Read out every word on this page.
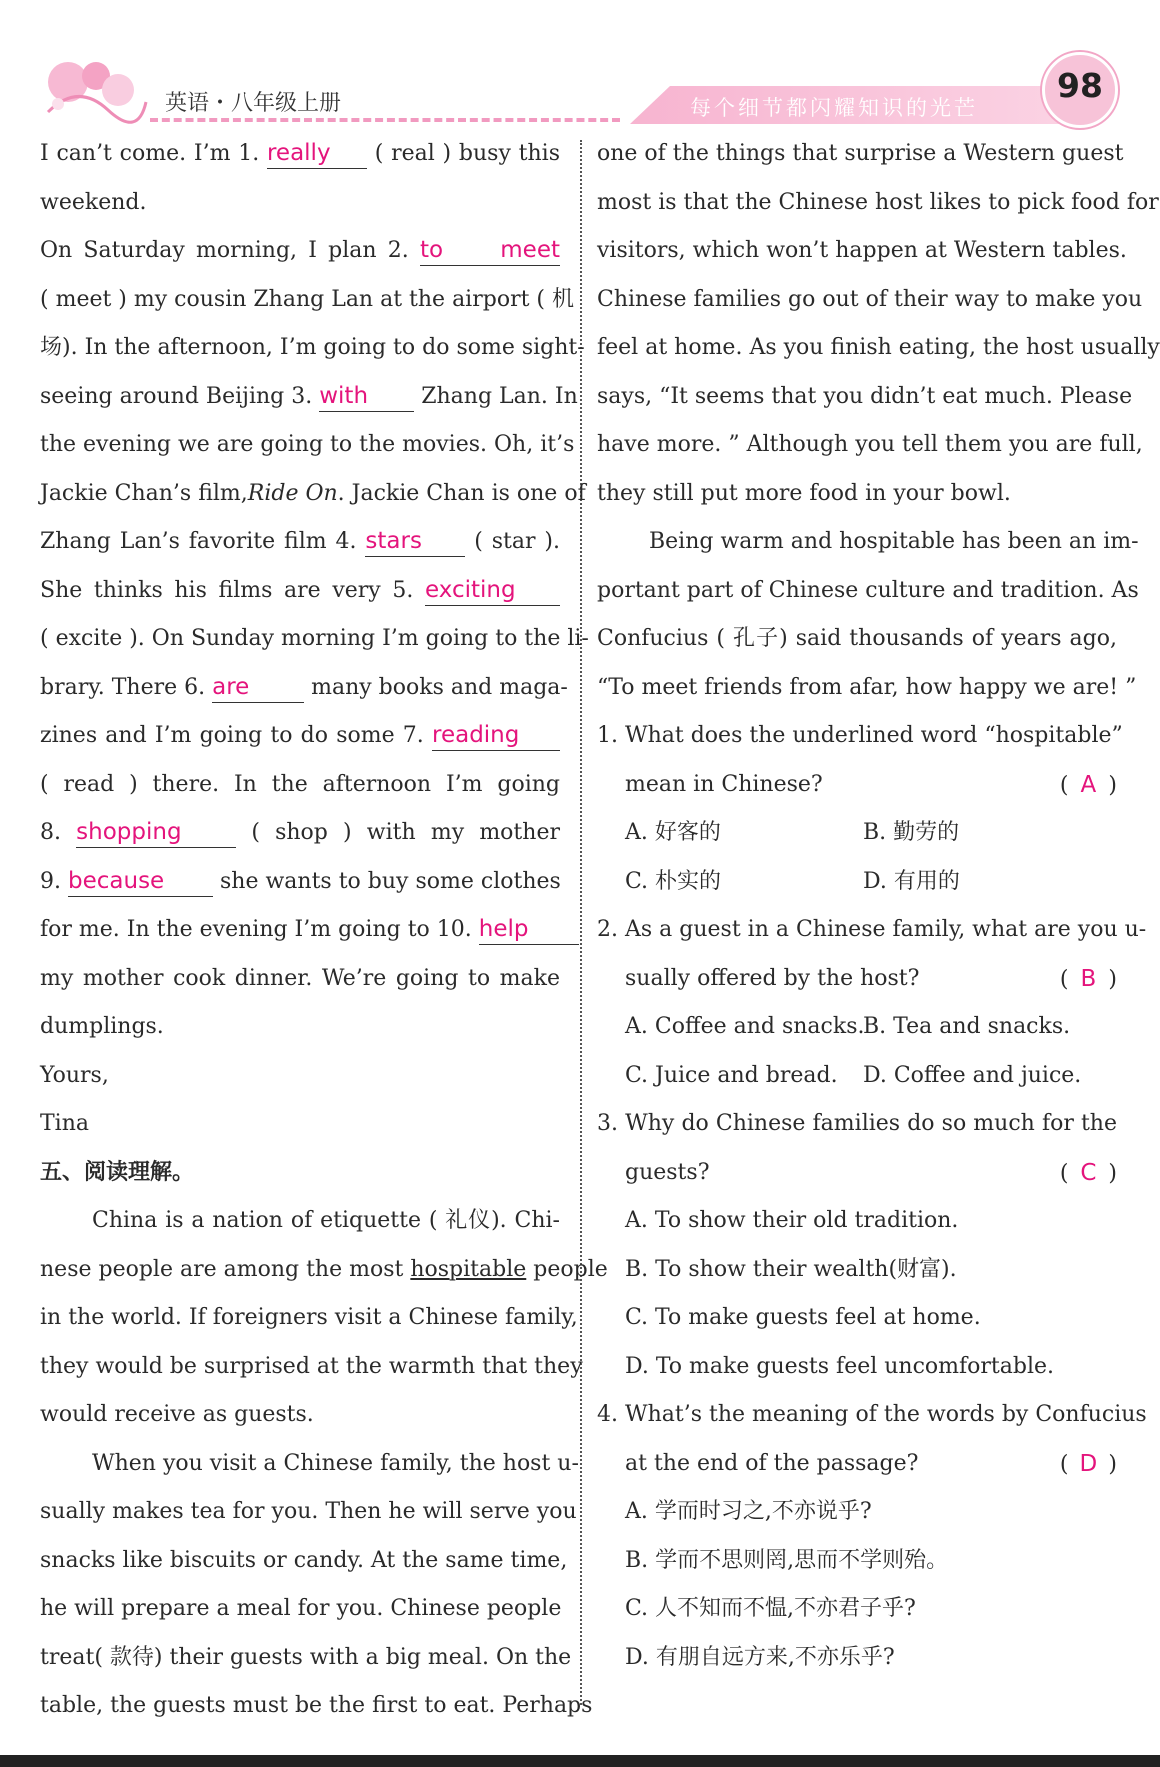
英语・八年级上册	每个细节都闪耀知识的光芒
98
I can’t come. I’m 1. really ( real ) busy this
weekend.
On Saturday morning, I plan 2. to meet
( meet ) my cousin Zhang Lan at the airport ( 机
场). In the afternoon, I’m going to do some sight-
seeing around Beijing 3. with Zhang Lan. In
the evening we are going to the movies. Oh, it’s
Jackie Chan’s film,Ride On. Jackie Chan is one of
Zhang Lan’s favorite film 4. stars ( star ).
She thinks his films are very 5. exciting
( excite ). On Sunday morning I’m going to the li-
brary. There 6. are	many books and maga-
zines and I’m going to do some 7. reading
( read ) there. In the afternoon I’m going
8. shopping	( shop ) with my mother
9. because	she wants to buy some clothes
for me. In the evening I’m going to 10. help
my mother cook dinner. We’re going to make
dumplings.
Yours,
Tina
五、阅读理解。
China is a nation of etiquette ( 礼仪). Chi-
nese people are among the most hospitable people
in the world. If foreigners visit a Chinese family,
they would be surprised at the warmth that they
would receive as guests.
When you visit a Chinese family, the host u-
sually makes tea for you. Then he will serve you
snacks like biscuits or candy. At the same time,
he will prepare a meal for you. Chinese people
treat( 款待) their guests with a big meal. On the
table, the guests must be the first to eat. Perhaps
one of the things that surprise a Western guest
most is that the Chinese host likes to pick food for
visitors, which won’t happen at Western tables.
Chinese families go out of their way to make you
feel at home. As you finish eating, the host usually
says, “It seems that you didn’t eat much. Please
have more. ” Although you tell them you are full,
they still put more food in your bowl.
Being warm and hospitable has been an im-
portant part of Chinese culture and tradition. As
Confucius ( 孔子) said thousands of years ago,
“To meet friends from afar, how happy we are! ”
1. What does the underlined word “hospitable”
mean in Chinese?	( A )
A. 好客的	B. 勤劳的
C. 朴实的	D. 有用的
2. As a guest in a Chinese family, what are you u-
sually offered by the host?	( B )
A. Coffee and snacks.
B. Tea and snacks.
C. Juice and bread.	D. Coffee and juice.
3. Why do Chinese families do so much for the
guests?	( C )
A. To show their old tradition.
B. To show their wealth(财富).
C. To make guests feel at home.
D. To make guests feel uncomfortable.
4. What’s the meaning of the words by Confucius
at the end of the passage?	( D )
A. 学而时习之,不亦说乎?
B. 学而不思则罔,思而不学则殆。
C. 人不知而不愠,不亦君子乎?
D. 有朋自远方来,不亦乐乎?
